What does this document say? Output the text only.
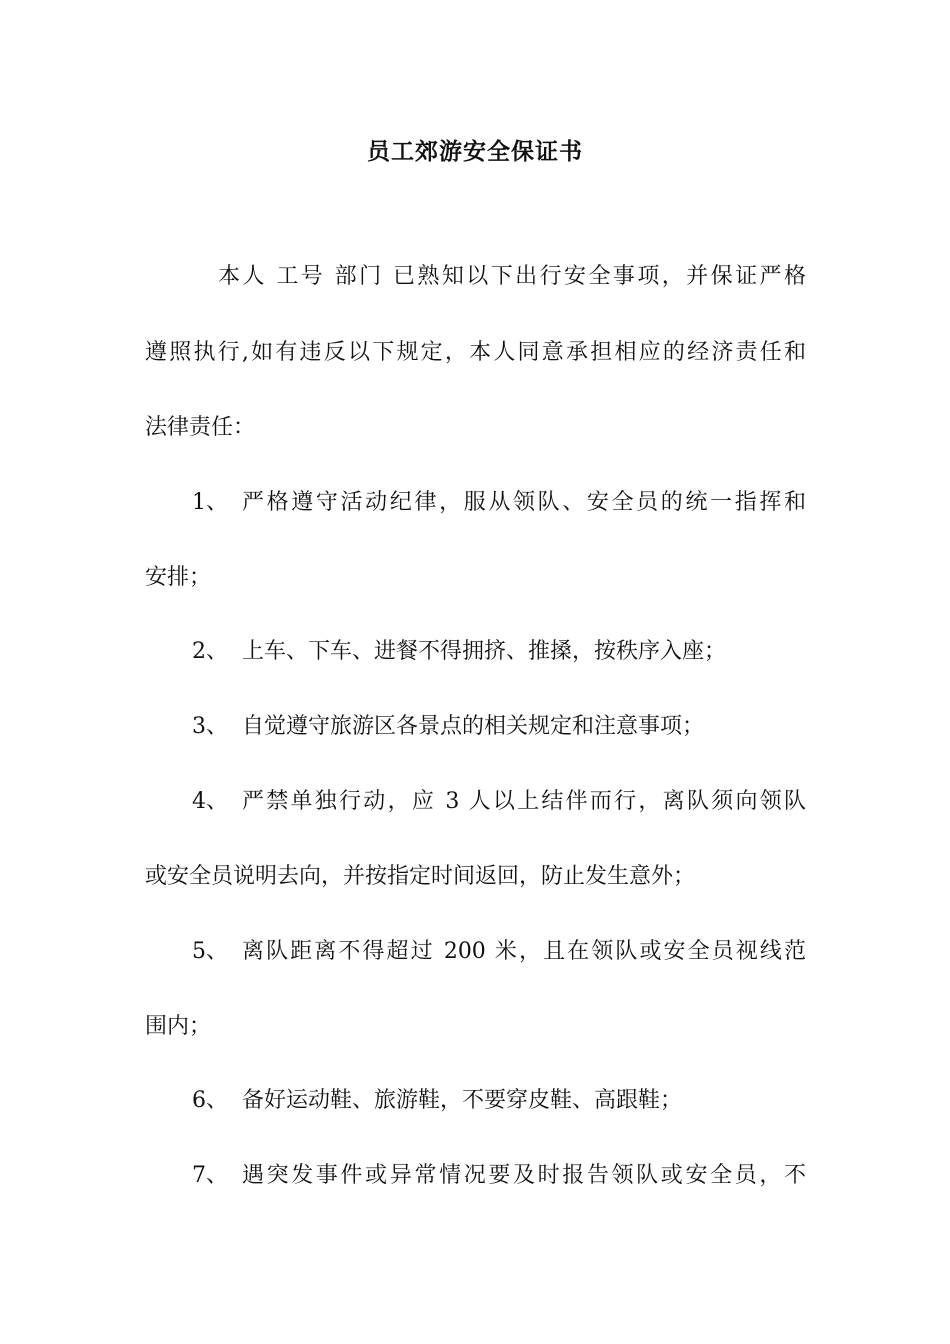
员工郊游安全保证书
本人 工号 部门 已熟知以下出行安全事项，并保证严格
遵照执行,如有违反以下规定，本人同意承担相应的经济责任和
法律责任：
1、 严格遵守活动纪律，服从领队、安全员的统一指挥和
安排；
2、 上车、下车、进餐不得拥挤、推搡，按秩序入座；
3、 自觉遵守旅游区各景点的相关规定和注意事项；
4、 严禁单独行动，应 3 人以上结伴而行，离队须向领队
或安全员说明去向，并按指定时间返回，防止发生意外；
5、 离队距离不得超过 200 米，且在领队或安全员视线范
围内；
6、 备好运动鞋、旅游鞋，不要穿皮鞋、高跟鞋；
7、 遇突发事件或异常情况要及时报告领队或安全员，不
